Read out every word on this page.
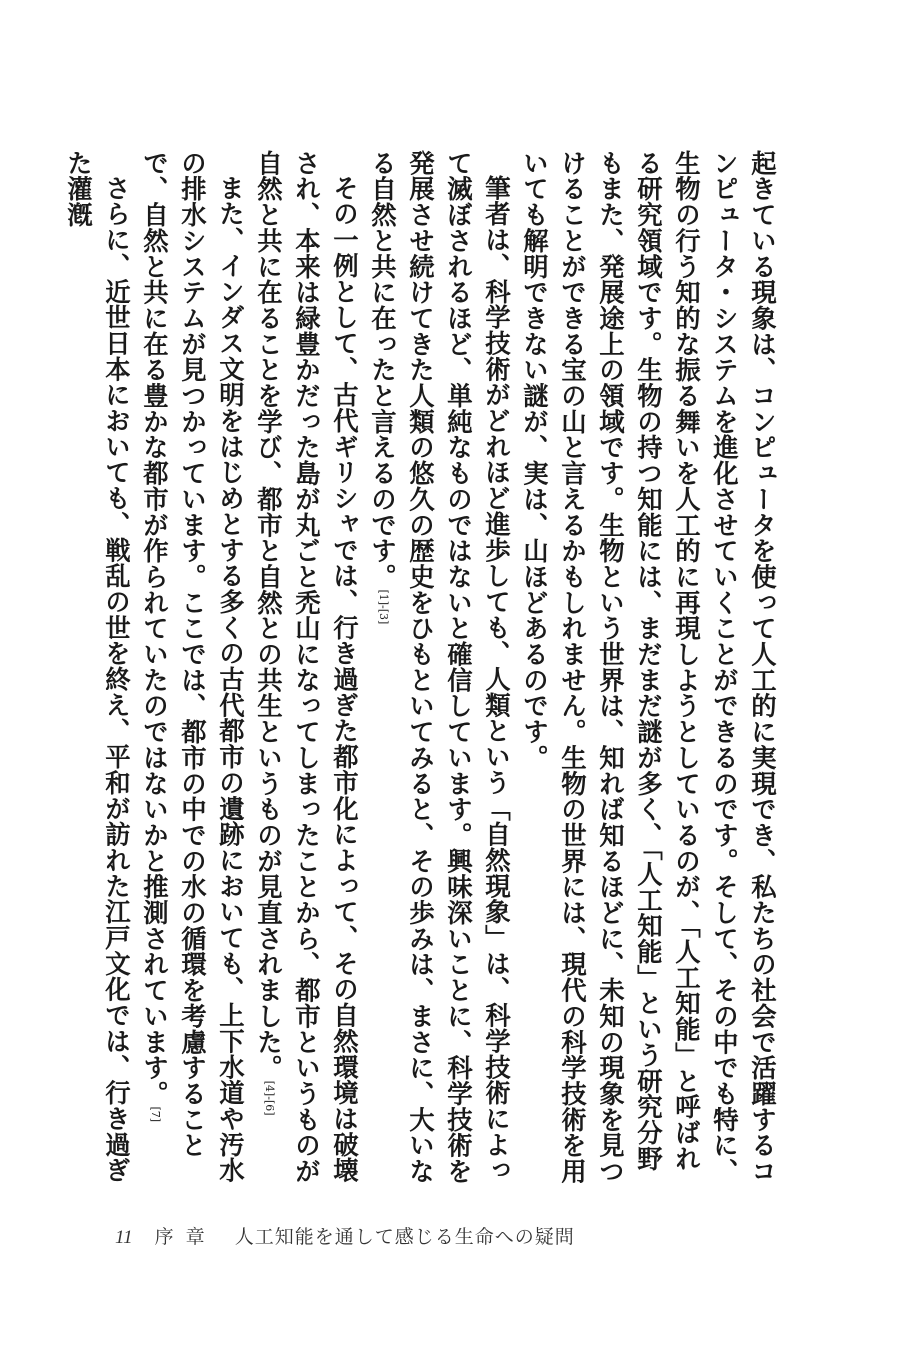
起きている現象は、コンピュータを使って人工的に実現でき、私たちの社会で活躍するコンピュータ・システムを進化させていくことができるのです。そして、その中でも特に、生物の行う知的な振る舞いを人工的に再現しようとしているのが、「人工知能」と呼ばれる研究領域です。生物の持つ知能には、まだまだ謎が多く、「人工知能」という研究分野もまた、発展途上の領域です。生物という世界は、知れば知るほどに、未知の現象を見つけることができる宝の山と言えるかもしれません。生物の世界には、現代の科学技術を用いても解明できない謎が、実は、山ほどあるのです。

筆者は、科学技術がどれほど進歩しても、人類という「自然現象」は、科学技術によって滅ぼされるほど、単純なものではないと確信しています。興味深いことに、科学技術を発展させ続けてきた人類の悠久の歴史をひもといてみると、その歩みは、まさに、大いなる自然と共に在ったと言えるのです。[1]-[3]

その一例として、古代ギリシャでは、行き過ぎた都市化によって、その自然環境は破壊され、本来は緑豊かだった島が丸ごと禿山になってしまったことから、都市というものが自然と共に在ることを学び、都市と自然との共生というものが見直されました。[4]-[6]

また、インダス文明をはじめとする多くの古代都市の遺跡においても、上下水道や汚水の排水システムが見つかっています。ここでは、都市の中での水の循環を考慮することで、自然と共に在る豊かな都市が作られていたのではないかと推測されています。[7]

さらに、近世日本においても、戦乱の世を終え、平和が訪れた江戸文化では、行き過ぎた灌漑

11 序章 人工知能を通して感じる生命への疑問
